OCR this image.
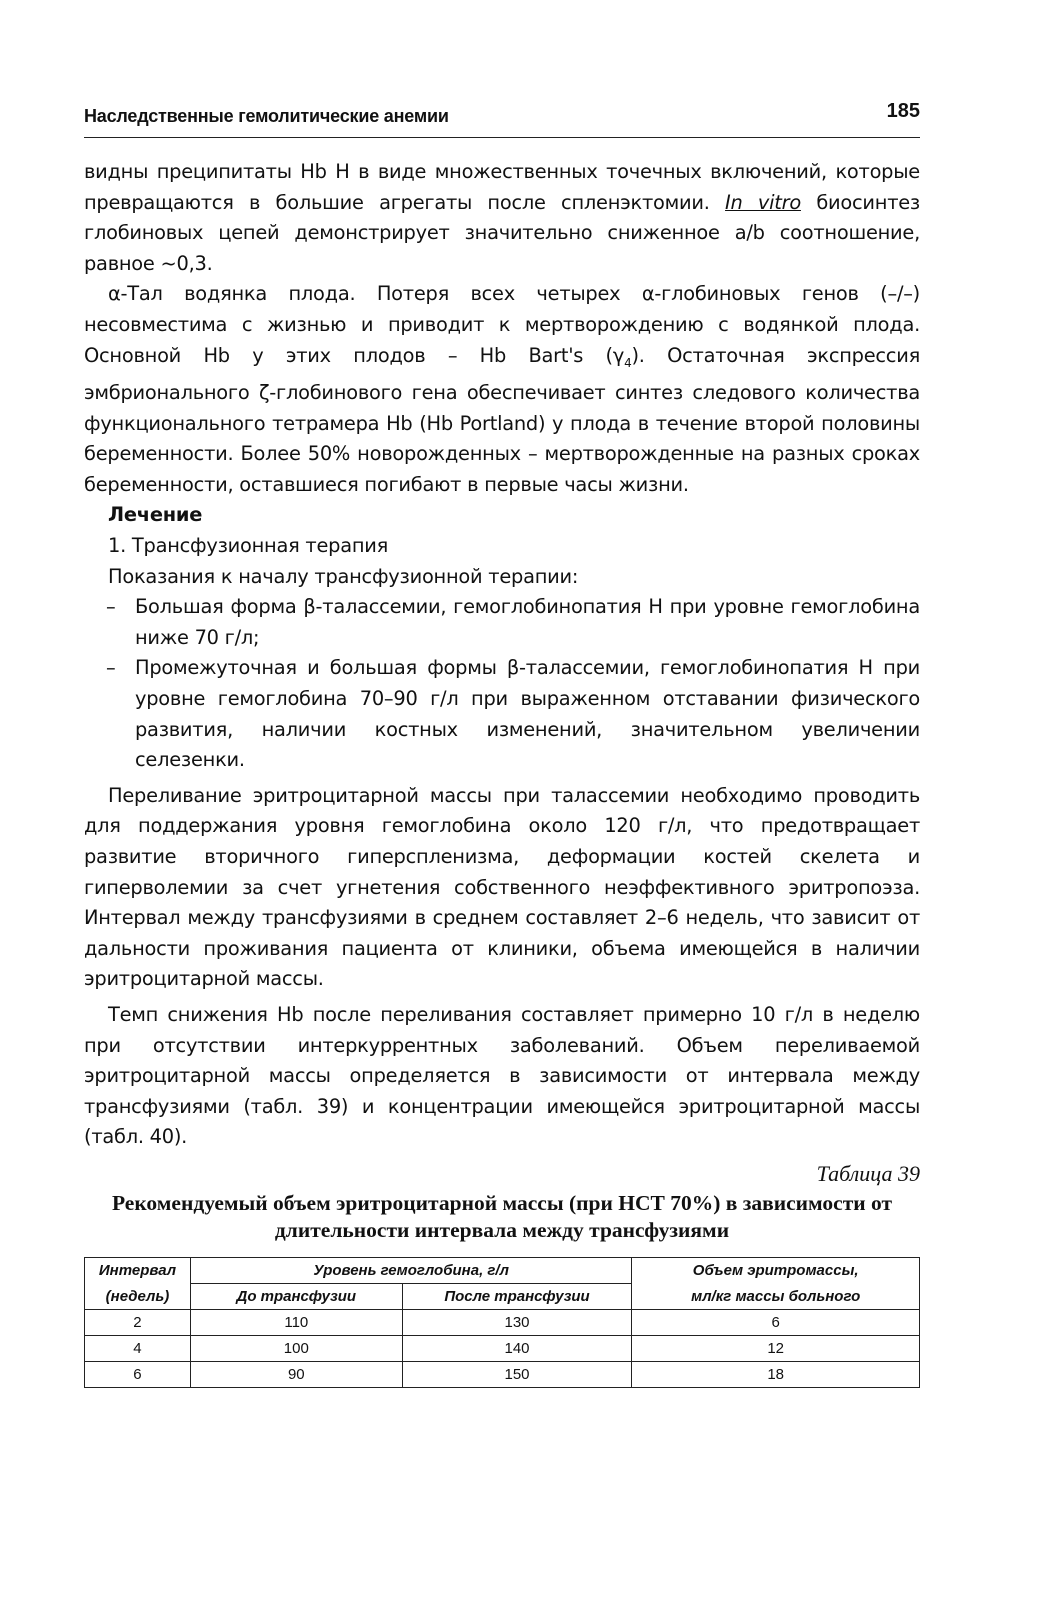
Наследственные гемолитические анемии	185

видны преципитаты Hb H в виде множественных точечных включений, которые превращаются в большие агрегаты после спленэктомии. In vitro биосинтез глобиновых цепей демонстрирует значительно сниженное a/b соотношение, равное ~0,3.

α-Тал водянка плода. Потеря всех четырех α-глобиновых генов (–/–) несовместима с жизнью и приводит к мертворождению с водянкой плода. Основной Hb у этих плодов – Hb Bart's $(\gamma_4)$. Остаточная экспрессия эмбрионального ζ-глобинового гена обеспечивает синтез следового количества функционального тетрамера Hb (Hb Portland) у плода в течение второй половины беременности. Более 50% новорожденных – мертворожденные на разных сроках беременности, оставшиеся погибают в первые часы жизни.

Лечение

1. Трансфузионная терапия

Показания к началу трансфузионной терапии:

– Большая форма β-талассемии, гемоглобинопатия H при уровне гемоглобина ниже 70 г/л;
– Промежуточная и большая формы β-талассемии, гемоглобинопатия H при уровне гемоглобина 70–90 г/л при выраженном отставании физического развития, наличии костных изменений, значительном увеличении селезенки.

Переливание эритроцитарной массы при талассемии необходимо проводить для поддержания уровня гемоглобина около 120 г/л, что предотвращает развитие вторичного гиперспленизма, деформации костей скелета и гиперволемии за счет угнетения собственного неэффективного эритропоэза. Интервал между трансфузиями в среднем составляет 2–6 недель, что зависит от дальности проживания пациента от клиники, объема имеющейся в наличии эритроцитарной массы.

Темп снижения Hb после переливания составляет примерно 10 г/л в неделю при отсутствии интеркуррентных заболеваний. Объем переливаемой эритроцитарной массы определяется в зависимости от интервала между трансфузиями (табл. 39) и концентрации имеющейся эритроцитарной массы (табл. 40).

Таблица 39
Рекомендуемый объем эритроцитарной массы (при НСТ 70%) в зависимости от длительности интервала между трансфузиями
Интервал	Уровень гемоглобина, г/л		Объем эритромассы,
(недель)	До трансфузии	После трансфузии	мл/кг массы больного
2	110	130	6
4	100	140	12
6	90	150	18
